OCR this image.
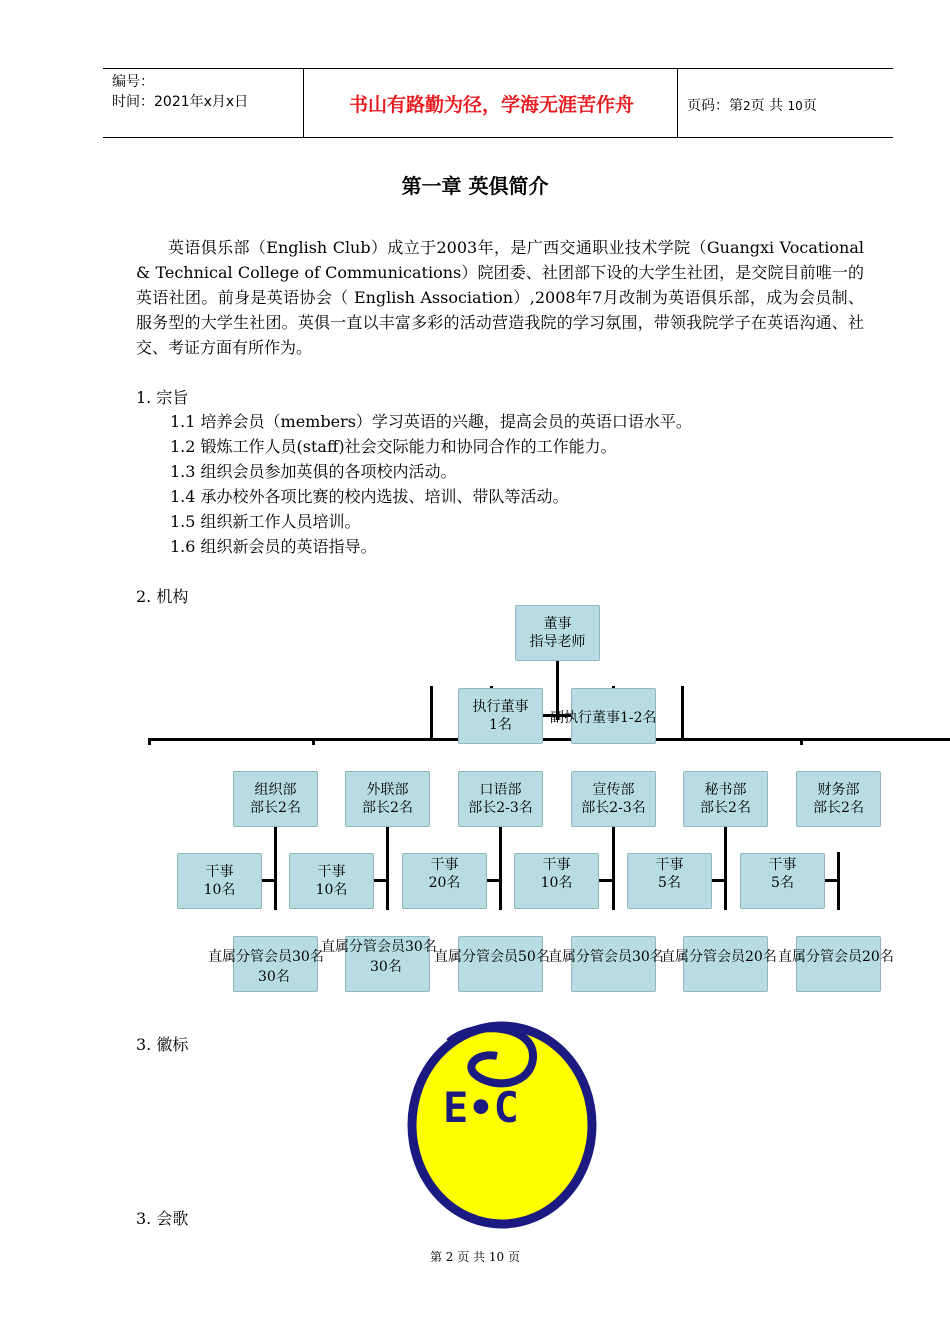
编号：
时间：2021年x月x日	书山有路勤为径，学海无涯苦作舟	页码：第2页 共 10页
第一章 英俱简介
英语俱乐部（English Club）成立于2003年，是广西交通职业技术学院（Guangxi Vocational & Technical College of Communications）院团委、社团部下设的大学生社团，是交院目前唯一的英语社团。前身是英语协会（ English Association）,2008年7月改制为英语俱乐部，成为会员制、服务型的大学生社团。英俱一直以丰富多彩的活动营造我院的学习氛围，带领我院学子在英语沟通、社交、考证方面有所作为。
1. 宗旨
1.1 培养会员（members）学习英语的兴趣，提高会员的英语口语水平。
1.2 锻炼工作人员(staff)社会交际能力和协同合作的工作能力。
1.3 组织会员参加英俱的各项校内活动。
1.4 承办校外各项比赛的校内选拔、培训、带队等活动。
1.5 组织新工作人员培训。
1.6 组织新会员的英语指导。
2. 机构
董事
指导老师
执行董事
1名	副执行董事1-2名
组织部
部长2名
外联部
部长2名
口语部
部长2-3名
宣传部
部长2-3名
秘书部
部长2名
财务部
部长2名
干事
10名
干事
10名
干事
20名
干事
10名
干事
5名
干事
5名
直属分管会员30名
30名
直属分管会员30名
30名
直属分管会员50名
直属分管会员30名
直属分管会员20名 直属分管会员20名
3. 徽标
E•C
3. 会歌
第 2 页 共 10 页
